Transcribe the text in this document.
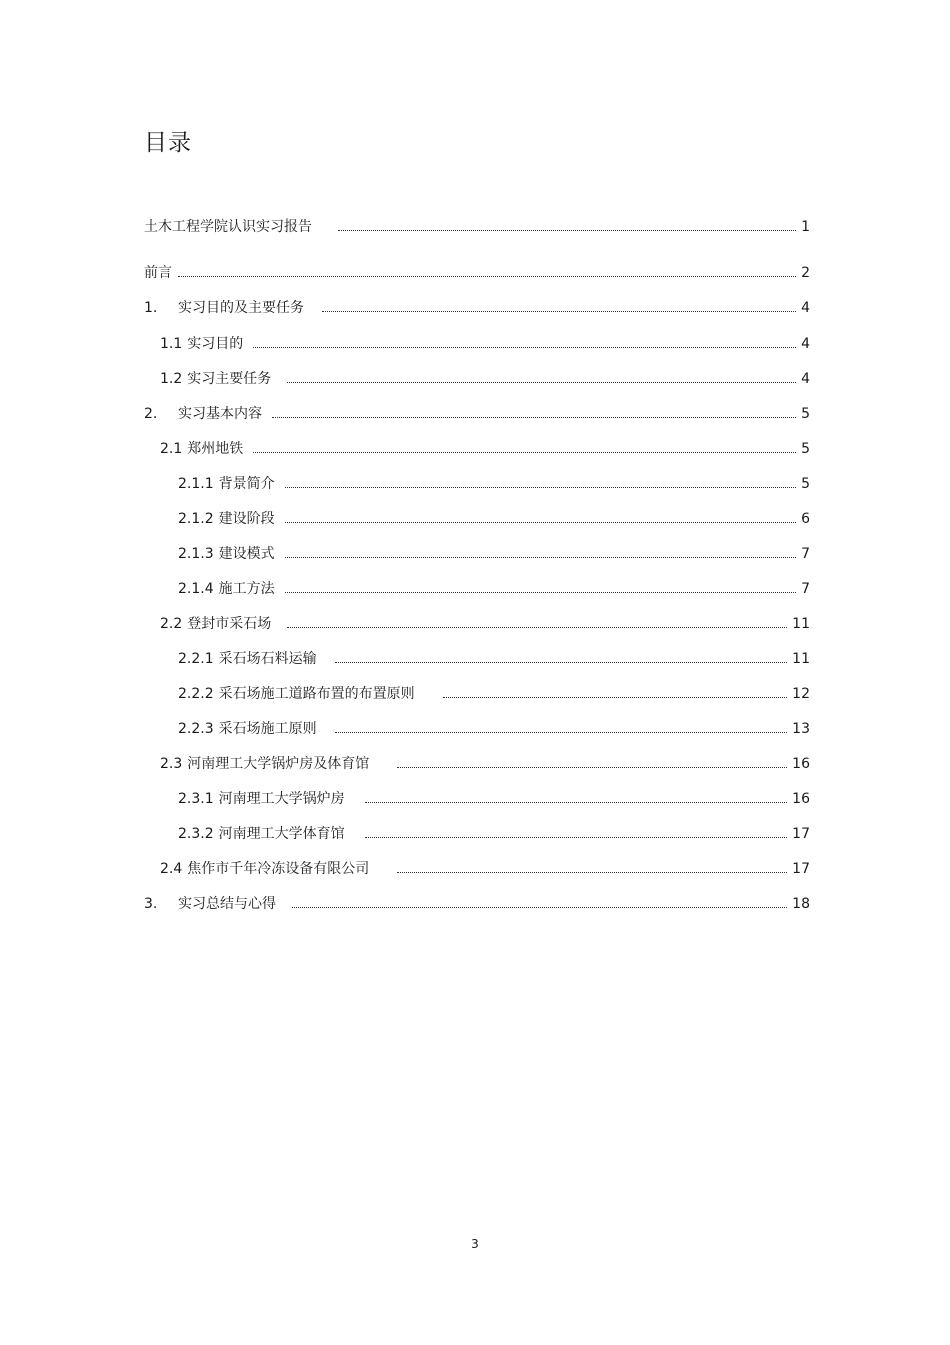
目录
土木工程学院认识实习报告	1
前言	2
1.	实习目的及主要任务	4
1.1 实习目的	4
1.2 实习主要任务	4
2.	实习基本内容	5
2.1 郑州地铁	5
2.1.1 背景简介	5
2.1.2 建设阶段	6
2.1.3 建设模式	7
2.1.4 施工方法	7
2.2 登封市采石场	11
2.2.1 采石场石料运输	11
2.2.2 采石场施工道路布置的布置原则	12
2.2.3 采石场施工原则	13
2.3 河南理工大学锅炉房及体育馆	16
2.3.1 河南理工大学锅炉房	16
2.3.2 河南理工大学体育馆	17
2.4 焦作市千年冷冻设备有限公司	17
3.	实习总结与心得	18
3
